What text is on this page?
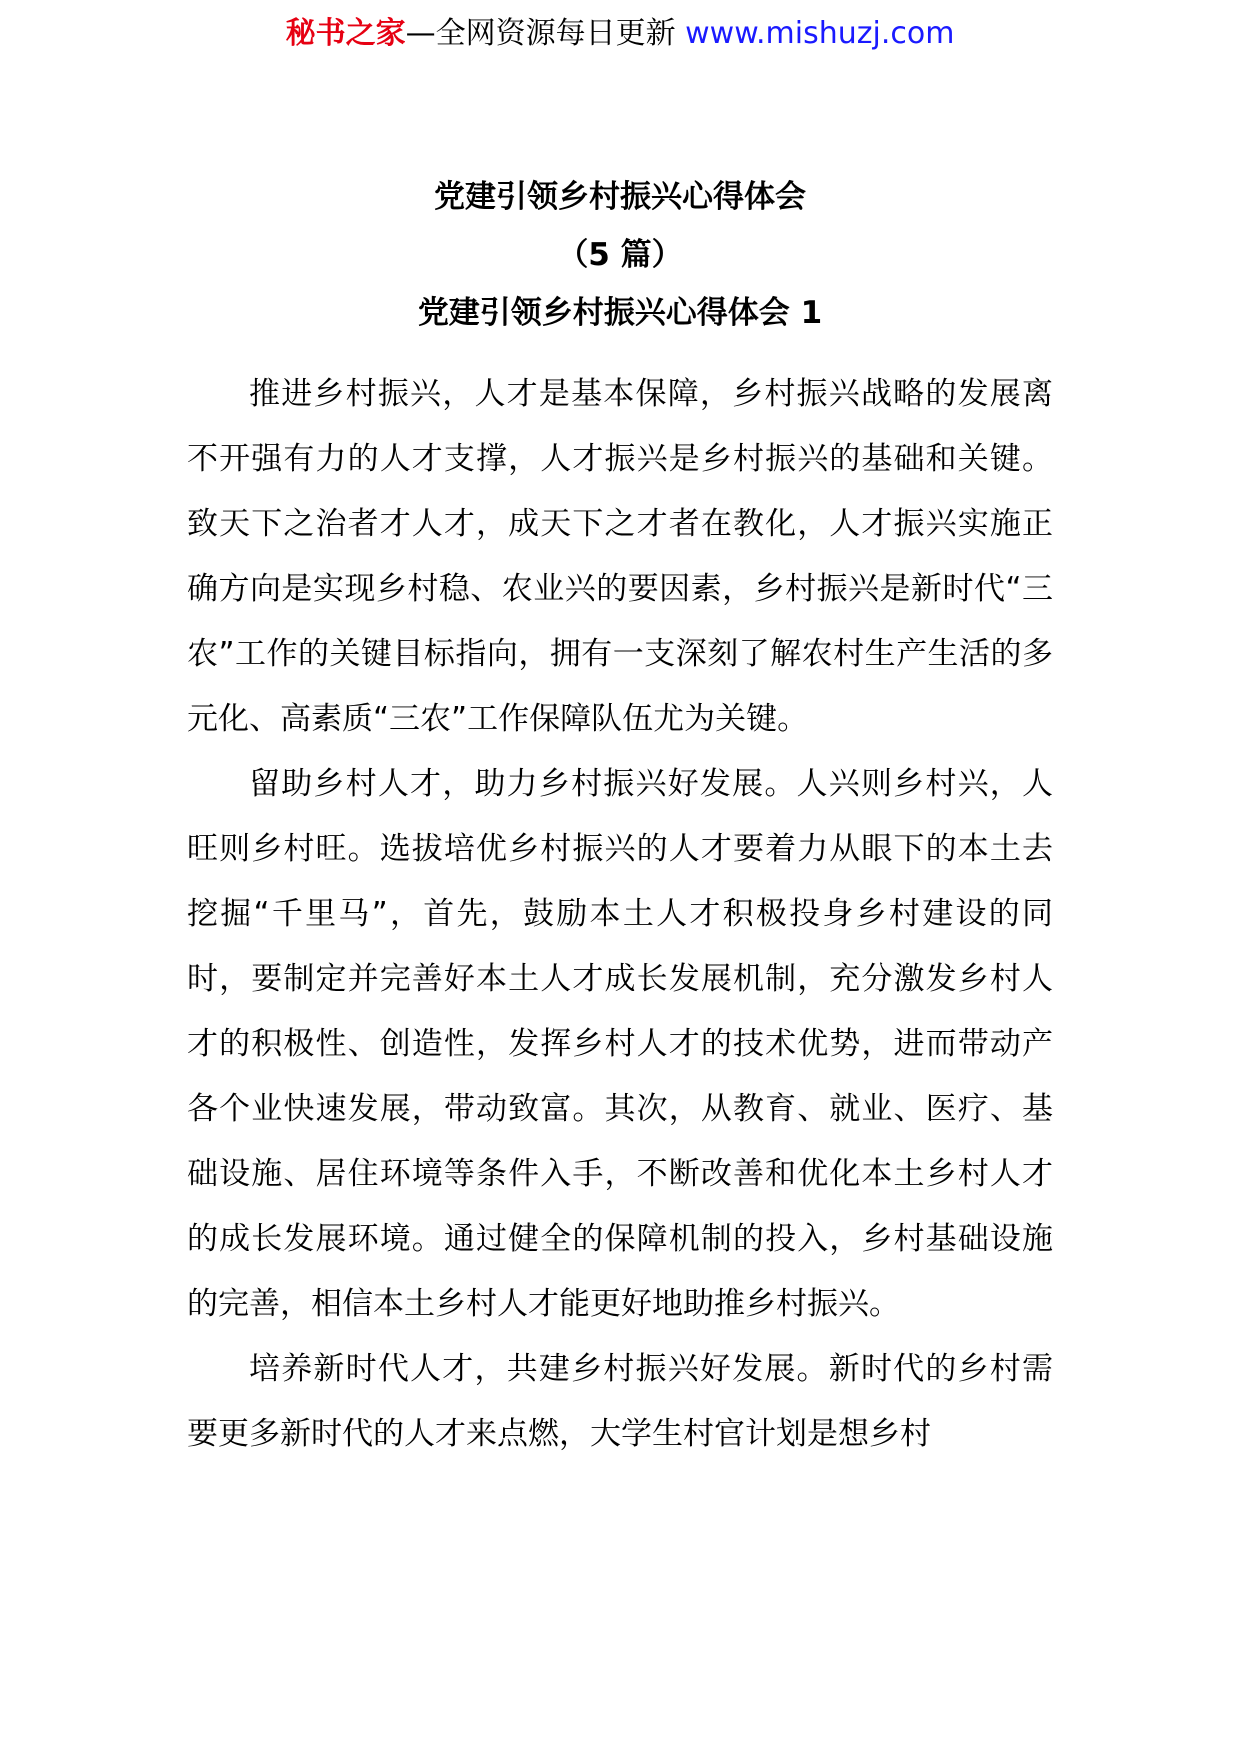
秘书之家—全网资源每日更新 www.mishuzj.com
党建引领乡村振兴心得体会
（5 篇）
党建引领乡村振兴心得体会 1

推进乡村振兴，人才是基本保障，乡村振兴战略的发展离不开强有力的人才支撑，人才振兴是乡村振兴的基础和关键。致天下之治者才人才，成天下之才者在教化，人才振兴实施正确方向是实现乡村稳、农业兴的要因素，乡村振兴是新时代“三农”工作的关键目标指向，拥有一支深刻了解农村生产生活的多元化、高素质“三农”工作保障队伍尤为关键。

留助乡村人才，助力乡村振兴好发展。人兴则乡村兴，人旺则乡村旺。选拔培优乡村振兴的人才要着力从眼下的本土去挖掘“千里马”，首先，鼓励本土人才积极投身乡村建设的同时，要制定并完善好本土人才成长发展机制，充分激发乡村人才的积极性、创造性，发挥乡村人才的技术优势，进而带动产各个业快速发展，带动致富。其次，从教育、就业、医疗、基础设施、居住环境等条件入手，不断改善和优化本土乡村人才的成长发展环境。通过健全的保障机制的投入，乡村基础设施的完善，相信本土乡村人才能更好地助推乡村振兴。

培养新时代人才，共建乡村振兴好发展。新时代的乡村需要更多新时代的人才来点燃，大学生村官计划是想乡村
